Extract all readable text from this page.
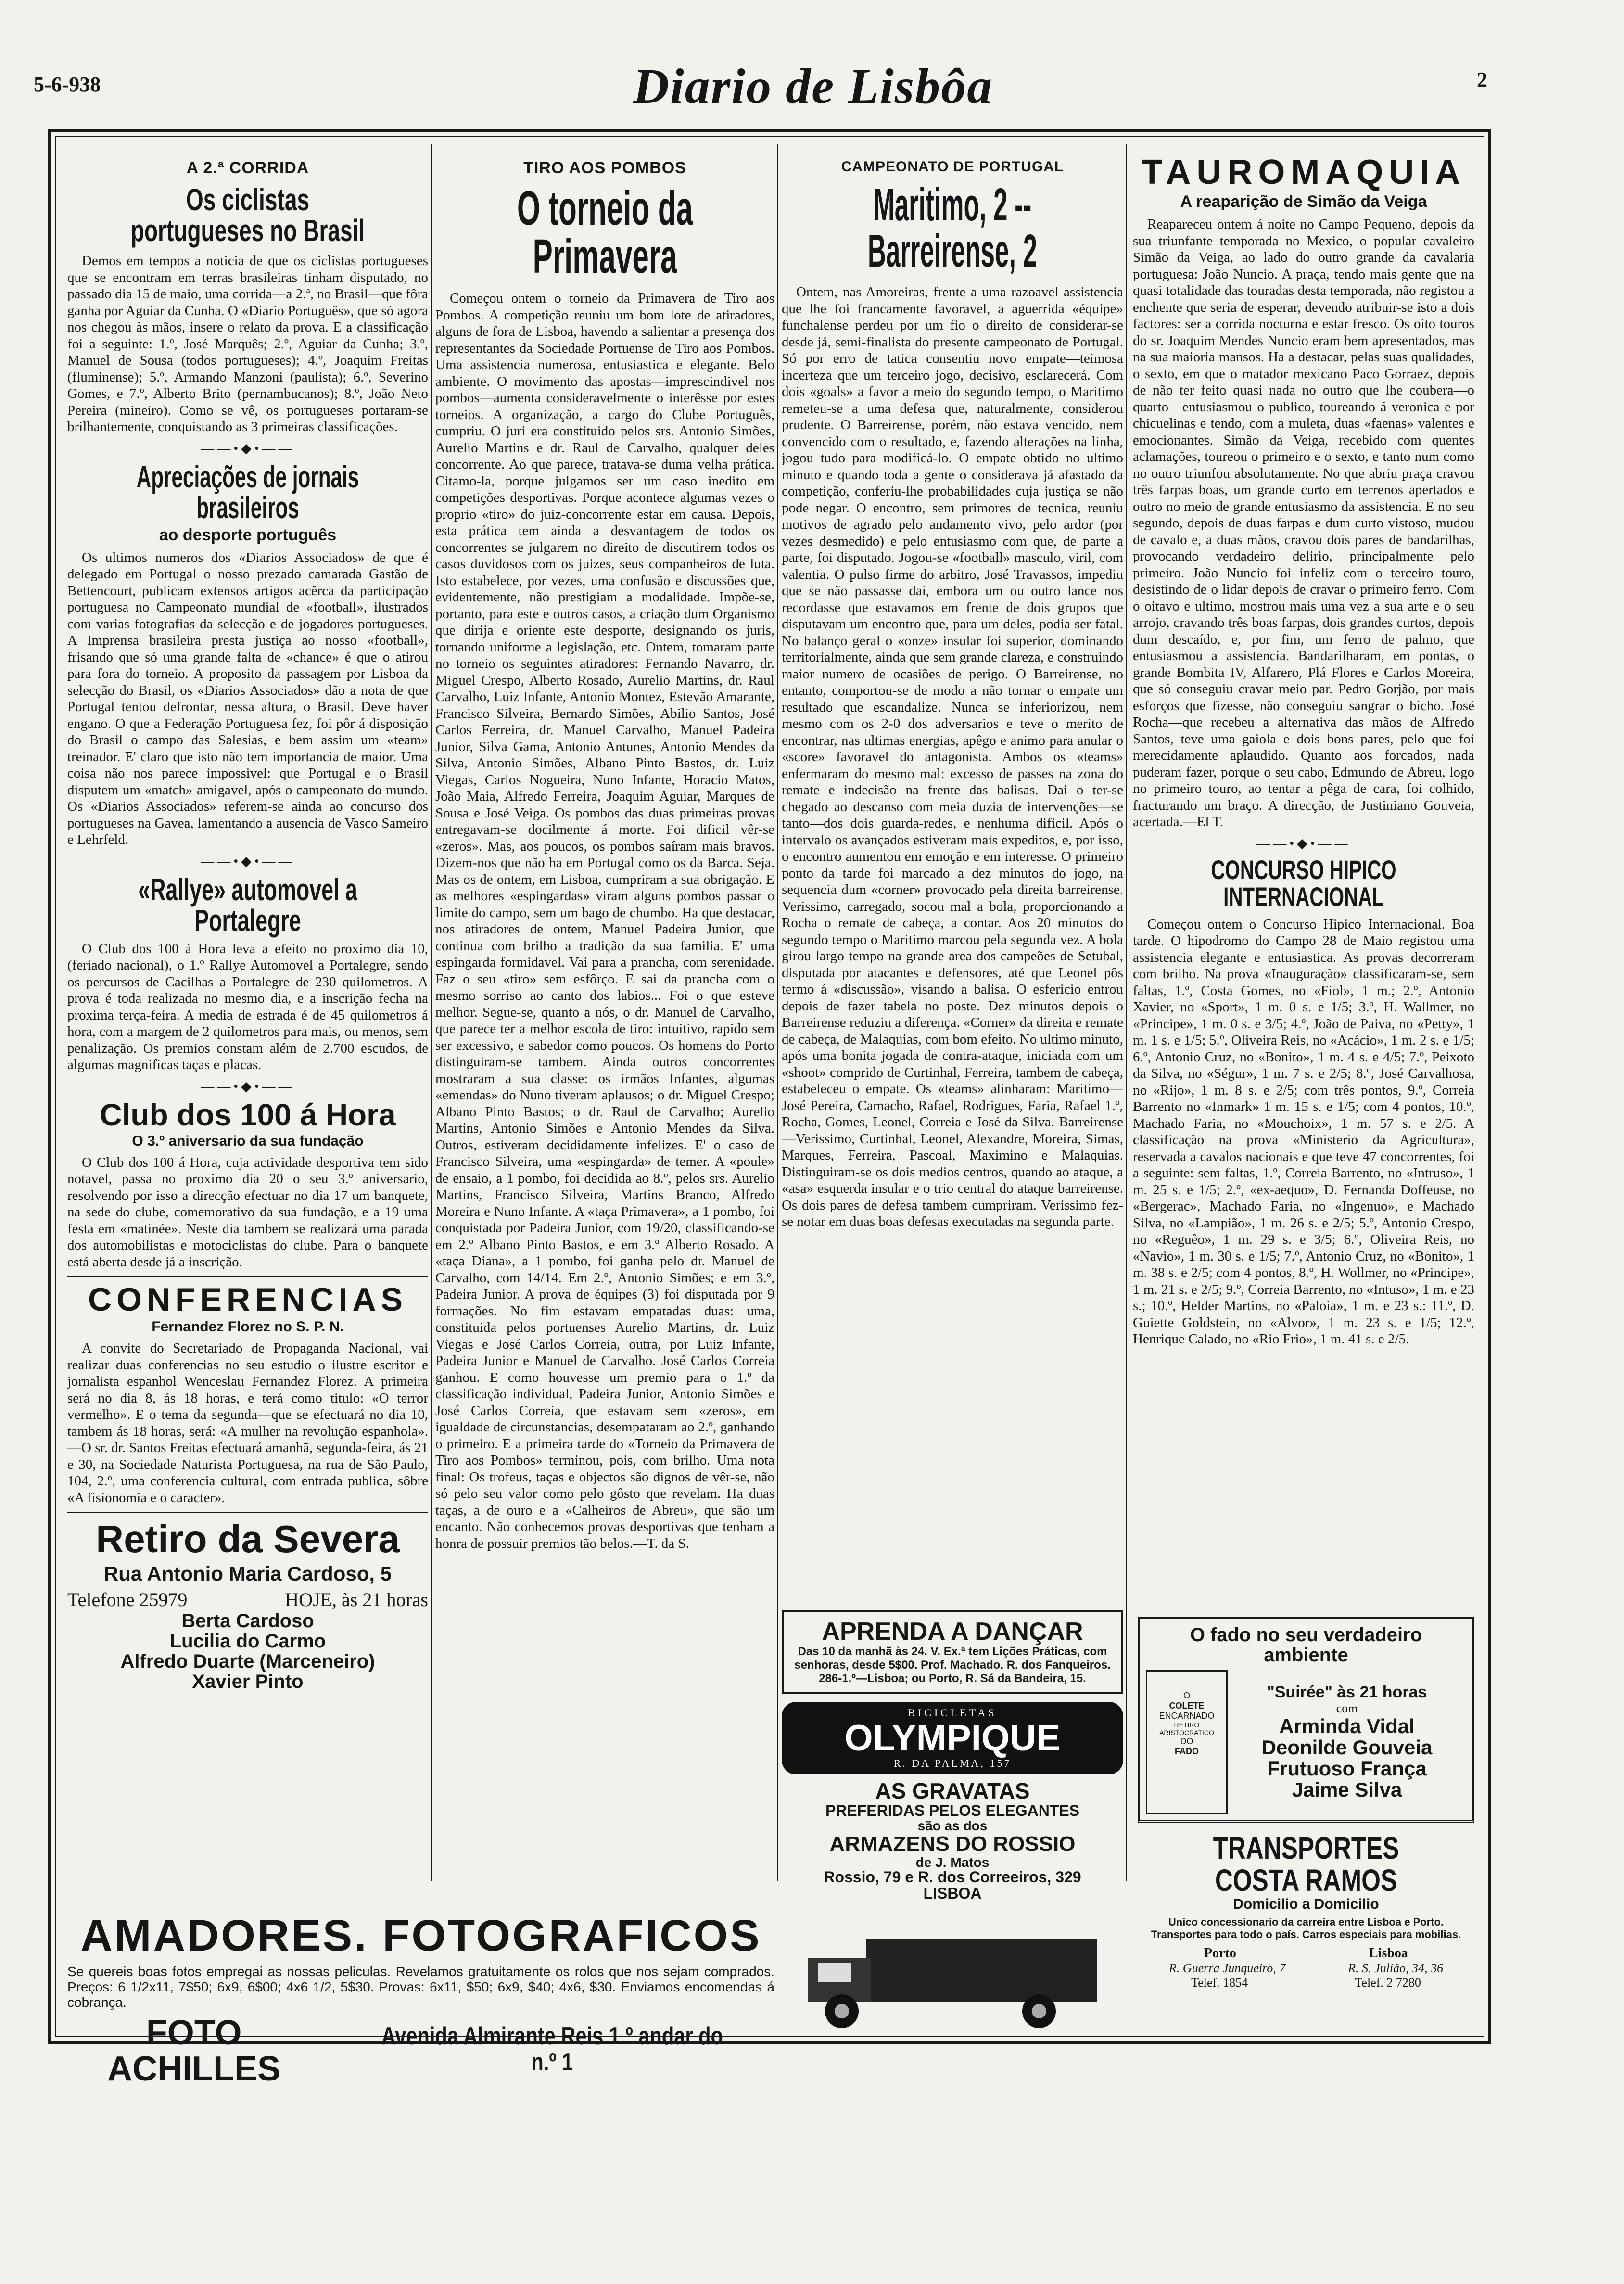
5-6-938	Diario de Lisbôa	2
A 2.ª CORRIDA
Os ciclistas portugueses no Brasil

Demos em tempos a noticia de que os ciclistas portugueses que se encontram em terras brasileiras tinham disputado, no passado dia 15 de maio, uma corrida—a 2.ª, no Brasil—que fôra ganha por Aguiar da Cunha. O «Diario Português», que só agora nos chegou às mãos, insere o relato da prova. E a classificação foi a seguinte: 1.º, José Marquês; 2.º, Aguiar da Cunha; 3.º, Manuel de Sousa (todos portugueses); 4.º, Joaquim Freitas (fluminense); 5.º, Armando Manzoni (paulista); 6.º, Severino Gomes, e 7.º, Alberto Brito (pernambucanos); 8.º, João Neto Pereira (mineiro). Como se vê, os portugueses portaram-se brilhantemente, conquistando as 3 primeiras classificações.

——•◆•——
Apreciações de jornais brasileiros
ao desporte português

Os ultimos numeros dos «Diarios Associados» de que é delegado em Portugal o nosso prezado camarada Gastão de Bettencourt, publicam extensos artigos acêrca da participação portuguesa no Campeonato mundial de «football», ilustrados com varias fotografias da selecção e de jogadores portugueses. A Imprensa brasileira presta justiça ao nosso «football», frisando que só uma grande falta de «chance» é que o atirou para fora do torneio. A proposito da passagem por Lisboa da selecção do Brasil, os «Diarios Associados» dão a nota de que Portugal tentou defrontar, nessa altura, o Brasil. Deve haver engano. O que a Federação Portuguesa fez, foi pôr á disposição do Brasil o campo das Salesias, e bem assim um «team» treinador. E' claro que isto não tem importancia de maior. Uma coisa não nos parece impossivel: que Portugal e o Brasil disputem um «match» amigavel, após o campeonato do mundo. Os «Diarios Associados» referem-se ainda ao concurso dos portugueses na Gavea, lamentando a ausencia de Vasco Sameiro e Lehrfeld.

——•◆•——
«Rallye» automovel a Portalegre

O Club dos 100 á Hora leva a efeito no proximo dia 10, (feriado nacional), o 1.º Rallye Automovel a Portalegre, sendo os percursos de Cacilhas a Portalegre de 230 quilometros. A prova é toda realizada no mesmo dia, e a inscrição fecha na proxima terça-feira. A media de estrada é de 45 quilometros á hora, com a margem de 2 quilometros para mais, ou menos, sem penalização. Os premios constam além de 2.700 escudos, de algumas magnificas taças e placas.

——•◆•——
Club dos 100 á Hora
O 3.º aniversario da sua fundação

O Club dos 100 á Hora, cuja actividade desportiva tem sido notavel, passa no proximo dia 20 o seu 3.º aniversario, resolvendo por isso a direcção efectuar no dia 17 um banquete, na sede do clube, comemorativo da sua fundação, e a 19 uma festa em «matinée». Neste dia tambem se realizará uma parada dos automobilistas e motociclistas do clube. Para o banquete está aberta desde já a inscrição.

CONFERENCIAS
Fernandez Florez no S. P. N.

A convite do Secretariado de Propaganda Nacional, vai realizar duas conferencias no seu estudio o ilustre escritor e jornalista espanhol Wenceslau Fernandez Florez. A primeira será no dia 8, ás 18 horas, e terá como titulo: «O terror vermelho». E o tema da segunda—que se efectuará no dia 10, tambem ás 18 horas, será: «A mulher na revolução espanhola». —O sr. dr. Santos Freitas efectuará amanhã, segunda-feira, ás 21 e 30, na Sociedade Naturista Portuguesa, na rua de São Paulo, 104, 2.º, uma conferencia cultural, com entrada publica, sôbre «A fisionomia e o caracter».

Retiro da Severa
Rua Antonio Maria Cardoso, 5
Telefone 25979	HOJE, às 21 horas
Berta Cardoso
Lucilia do Carmo
Alfredo Duarte (Marceneiro)
Xavier Pinto
TIRO AOS POMBOS
O torneio da Primavera

Começou ontem o torneio da Primavera de Tiro aos Pombos. A competição reuniu um bom lote de atiradores, alguns de fora de Lisboa, havendo a salientar a presença dos representantes da Sociedade Portuense de Tiro aos Pombos. Uma assistencia numerosa, entusiastica e elegante. Belo ambiente. O movimento das apostas—imprescindivel nos pombos—aumenta consideravelmente o interêsse por estes torneios. A organização, a cargo do Clube Português, cumpriu. O juri era constituido pelos srs. Antonio Simões, Aurelio Martins e dr. Raul de Carvalho, qualquer deles concorrente. Ao que parece, tratava-se duma velha prática. Citamo-la, porque julgamos ser um caso inedito em competições desportivas. Porque acontece algumas vezes o proprio «tiro» do juiz-concorrente estar em causa. Depois, esta prática tem ainda a desvantagem de todos os concorrentes se julgarem no direito de discutirem todos os casos duvidosos com os juizes, seus companheiros de luta. Isto estabelece, por vezes, uma confusão e discussões que, evidentemente, não prestigiam a modalidade. Impõe-se, portanto, para este e outros casos, a criação dum Organismo que dirija e oriente este desporte, designando os juris, tornando uniforme a legislação, etc. Ontem, tomaram parte no torneio os seguintes atiradores: Fernando Navarro, dr. Miguel Crespo, Alberto Rosado, Aurelio Martins, dr. Raul Carvalho, Luiz Infante, Antonio Montez, Estevão Amarante, Francisco Silveira, Bernardo Simões, Abilio Santos, José Carlos Ferreira, dr. Manuel Carvalho, Manuel Padeira Junior, Silva Gama, Antonio Antunes, Antonio Mendes da Silva, Antonio Simões, Albano Pinto Bastos, dr. Luiz Viegas, Carlos Nogueira, Nuno Infante, Horacio Matos, João Maia, Alfredo Ferreira, Joaquim Aguiar, Marques de Sousa e José Veiga. Os pombos das duas primeiras provas entregavam-se docilmente á morte. Foi dificil vêr-se «zeros». Mas, aos poucos, os pombos saíram mais bravos. Dizem-nos que não ha em Portugal como os da Barca. Seja. Mas os de ontem, em Lisboa, cumpriram a sua obrigação. E as melhores «espingardas» viram alguns pombos passar o limite do campo, sem um bago de chumbo. Ha que destacar, nos atiradores de ontem, Manuel Padeira Junior, que continua com brilho a tradição da sua familia. E' uma espingarda formidavel. Vai para a prancha, com serenidade. Faz o seu «tiro» sem esfôrço. E sai da prancha com o mesmo sorriso ao canto dos labios... Foi o que esteve melhor. Segue-se, quanto a nós, o dr. Manuel de Carvalho, que parece ter a melhor escola de tiro: intuitivo, rapido sem ser excessivo, e sabedor como poucos. Os homens do Porto distinguiram-se tambem. Ainda outros concorrentes mostraram a sua classe: os irmãos Infantes, algumas «emendas» do Nuno tiveram aplausos; o dr. Miguel Crespo; Albano Pinto Bastos; o dr. Raul de Carvalho; Aurelio Martins, Antonio Simões e Antonio Mendes da Silva. Outros, estiveram decididamente infelizes. E' o caso de Francisco Silveira, uma «espingarda» de temer. A «poule» de ensaio, a 1 pombo, foi decidida ao 8.º, pelos srs. Aurelio Martins, Francisco Silveira, Martins Branco, Alfredo Moreira e Nuno Infante. A «taça Primavera», a 1 pombo, foi conquistada por Padeira Junior, com 19/20, classificando-se em 2.º Albano Pinto Bastos, e em 3.º Alberto Rosado. A «taça Diana», a 1 pombo, foi ganha pelo dr. Manuel de Carvalho, com 14/14. Em 2.º, Antonio Simões; e em 3.º, Padeira Junior. A prova de équipes (3) foi disputada por 9 formações. No fim estavam empatadas duas: uma, constituida pelos portuenses Aurelio Martins, dr. Luiz Viegas e José Carlos Correia, outra, por Luiz Infante, Padeira Junior e Manuel de Carvalho. José Carlos Correia ganhou. E como houvesse um premio para o 1.º da classificação individual, Padeira Junior, Antonio Simões e José Carlos Correia, que estavam sem «zeros», em igualdade de circunstancias, desempataram ao 2.º, ganhando o primeiro. E a primeira tarde do «Torneio da Primavera de Tiro aos Pombos» terminou, pois, com brilho. Uma nota final: Os trofeus, taças e objectos são dignos de vêr-se, não só pelo seu valor como pelo gôsto que revelam. Ha duas taças, a de ouro e a «Calheiros de Abreu», que são um encanto. Não conhecemos provas desportivas que tenham a honra de possuir premios tão belos.—T. da S.

CAMPEONATO DE PORTUGAL
Maritimo, 2 -- Barreirense, 2

Ontem, nas Amoreiras, frente a uma razoavel assistencia que lhe foi francamente favoravel, a aguerrida «équipe» funchalense perdeu por um fio o direito de considerar-se desde já, semi-finalista do presente campeonato de Portugal. Só por erro de tatica consentiu novo empate—teimosa incerteza que um terceiro jogo, decisivo, esclarecerá. Com dois «goals» a favor a meio do segundo tempo, o Maritimo remeteu-se a uma defesa que, naturalmente, considerou prudente. O Barreirense, porém, não estava vencido, nem convencido com o resultado, e, fazendo alterações na linha, jogou tudo para modificá-lo. O empate obtido no ultimo minuto e quando toda a gente o considerava já afastado da competição, conferiu-lhe probabilidades cuja justiça se não pode negar. O encontro, sem primores de tecnica, reuniu motivos de agrado pelo andamento vivo, pelo ardor (por vezes desmedido) e pelo entusiasmo com que, de parte a parte, foi disputado. Jogou-se «football» masculo, viril, com valentia. O pulso firme do arbitro, José Travassos, impediu que se não passasse dai, embora um ou outro lance nos recordasse que estavamos em frente de dois grupos que disputavam um encontro que, para um deles, podia ser fatal. No balanço geral o «onze» insular foi superior, dominando territorialmente, ainda que sem grande clareza, e construindo maior numero de ocasiões de perigo. O Barreirense, no entanto, comportou-se de modo a não tornar o empate um resultado que escandalize. Nunca se inferiorizou, nem mesmo com os 2-0 dos adversarios e teve o merito de encontrar, nas ultimas energias, apêgo e animo para anular o «score» favoravel do antagonista. Ambos os «teams» enfermaram do mesmo mal: excesso de passes na zona do remate e indecisão na frente das balisas. Dai o ter-se chegado ao descanso com meia duzia de intervenções—se tanto—dos dois guarda-redes, e nenhuma dificil. Após o intervalo os avançados estiveram mais expeditos, e, por isso, o encontro aumentou em emoção e em interesse. O primeiro ponto da tarde foi marcado a dez minutos do jogo, na sequencia dum «corner» provocado pela direita barreirense. Verissimo, carregado, socou mal a bola, proporcionando a Rocha o remate de cabeça, a contar. Aos 20 minutos do segundo tempo o Maritimo marcou pela segunda vez. A bola girou largo tempo na grande area dos campeões de Setubal, disputada por atacantes e defensores, até que Leonel pôs termo á «discussão», visando a balisa. O esfericio entrou depois de fazer tabela no poste. Dez minutos depois o Barreirense reduziu a diferença. «Corner» da direita e remate de cabeça, de Malaquias, com bom efeito. No ultimo minuto, após uma bonita jogada de contra-ataque, iniciada com um «shoot» comprido de Curtinhal, Ferreira, tambem de cabeça, estabeleceu o empate. Os «teams» alinharam: Maritimo—José Pereira, Camacho, Rafael, Rodrigues, Faria, Rafael 1.º, Rocha, Gomes, Leonel, Correia e José da Silva. Barreirense—Verissimo, Curtinhal, Leonel, Alexandre, Moreira, Simas, Marques, Ferreira, Pascoal, Maximino e Malaquias. Distinguiram-se os dois medios centros, quando ao ataque, a «asa» esquerda insular e o trio central do ataque barreirense. Os dois pares de defesa tambem cumpriram. Verissimo fez-se notar em duas boas defesas executadas na segunda parte.

APRENDA A DANÇAR
Das 10 da manhã às 24. V. Ex.ª tem Lições Práticas, com senhoras, desde 5$00. Prof. Machado. R. dos Fanqueiros. 286-1.º—Lisboa; ou Porto, R. Sá da Bandeira, 15.
BICICLETAS
OLYMPIQUE
R. DA PALMA, 157
AS GRAVATAS
PREFERIDAS PELOS ELEGANTES
são as dos
ARMAZENS DO ROSSIO
de J. Matos
Rossio, 79 e R. dos Correeiros, 329
LISBOA
TAUROMAQUIA
A reaparição de Simão da Veiga

Reapareceu ontem á noite no Campo Pequeno, depois da sua triunfante temporada no Mexico, o popular cavaleiro Simão da Veiga, ao lado do outro grande da cavalaria portuguesa: João Nuncio. A praça, tendo mais gente que na quasi totalidade das touradas desta temporada, não registou a enchente que seria de esperar, devendo atribuir-se isto a dois factores: ser a corrida nocturna e estar fresco. Os oito touros do sr. Joaquim Mendes Nuncio eram bem apresentados, mas na sua maioria mansos. Ha a destacar, pelas suas qualidades, o sexto, em que o matador mexicano Paco Gorraez, depois de não ter feito quasi nada no outro que lhe coubera—o quarto—entusiasmou o publico, toureando á veronica e por chicuelinas e tendo, com a muleta, duas «faenas» valentes e emocionantes. Simão da Veiga, recebido com quentes aclamações, toureou o primeiro e o sexto, e tanto num como no outro triunfou absolutamente. No que abriu praça cravou três farpas boas, um grande curto em terrenos apertados e outro no meio de grande entusiasmo da assistencia. E no seu segundo, depois de duas farpas e dum curto vistoso, mudou de cavalo e, a duas mãos, cravou dois pares de bandarilhas, provocando verdadeiro delirio, principalmente pelo primeiro. João Nuncio foi infeliz com o terceiro touro, desistindo de o lidar depois de cravar o primeiro ferro. Com o oitavo e ultimo, mostrou mais uma vez a sua arte e o seu arrojo, cravando três boas farpas, dois grandes curtos, depois dum descaído, e, por fim, um ferro de palmo, que entusiasmou a assistencia. Bandarilharam, em pontas, o grande Bombita IV, Alfarero, Plá Flores e Carlos Moreira, que só conseguiu cravar meio par. Pedro Gorjão, por mais esforços que fizesse, não conseguiu sangrar o bicho. José Rocha—que recebeu a alternativa das mãos de Alfredo Santos, teve uma gaiola e dois bons pares, pelo que foi merecidamente aplaudido. Quanto aos forcados, nada puderam fazer, porque o seu cabo, Edmundo de Abreu, logo no primeiro touro, ao tentar a pêga de cara, foi colhido, fracturando um braço. A direcção, de Justiniano Gouveia, acertada.—El T.

——•◆•——
CONCURSO HIPICO INTERNACIONAL

Começou ontem o Concurso Hipico Internacional. Boa tarde. O hipodromo do Campo 28 de Maio registou uma assistencia elegante e entusiastica. As provas decorreram com brilho. Na prova «Inauguração» classificaram-se, sem faltas, 1.º, Costa Gomes, no «Fiol», 1 m.; 2.º, Antonio Xavier, no «Sport», 1 m. 0 s. e 1/5; 3.º, H. Wallmer, no «Principe», 1 m. 0 s. e 3/5; 4.º, João de Paiva, no «Petty», 1 m. 1 s. e 1/5; 5.º, Oliveira Reis, no «Acácio», 1 m. 2 s. e 1/5; 6.º, Antonio Cruz, no «Bonito», 1 m. 4 s. e 4/5; 7.º, Peixoto da Silva, no «Ségur», 1 m. 7 s. e 2/5; 8.º, José Carvalhosa, no «Rijo», 1 m. 8 s. e 2/5; com três pontos, 9.º, Correia Barrento no «Inmark» 1 m. 15 s. e 1/5; com 4 pontos, 10.º, Machado Faria, no «Mouchoix», 1 m. 57 s. e 2/5. A classificação na prova «Ministerio da Agricultura», reservada a cavalos nacionais e que teve 47 concorrentes, foi a seguinte: sem faltas, 1.º, Correia Barrento, no «Intruso», 1 m. 25 s. e 1/5; 2.º, «ex-aequo», D. Fernanda Doffeuse, no «Bergerac», Machado Faria, no «Ingenuo», e Machado Silva, no «Lampião», 1 m. 26 s. e 2/5; 5.º, Antonio Crespo, no «Reguêo», 1 m. 29 s. e 3/5; 6.º, Oliveira Reis, no «Navio», 1 m. 30 s. e 1/5; 7.º, Antonio Cruz, no «Bonito», 1 m. 38 s. e 2/5; com 4 pontos, 8.º, H. Wollmer, no «Principe», 1 m. 21 s. e 2/5; 9.º, Correia Barrento, no «Intuso», 1 m. e 23 s.; 10.º, Helder Martins, no «Paloia», 1 m. e 23 s.: 11.º, D. Guiette Goldstein, no «Alvor», 1 m. 23 s. e 1/5; 12.º, Henrique Calado, no «Rio Frio», 1 m. 41 s. e 2/5.

O fado no seu verdadeiro ambiente
O
COLETE
ENCARNADO
RETIRO ARISTOCRATICO
DO
FADO
"Suirée" às 21 horas
com
Arminda Vidal
Deonilde Gouveia
Frutuoso França
Jaime Silva
TRANSPORTES COSTA RAMOS
Domicilio a Domicilio
Unico concessionario da carreira entre Lisboa e Porto. Transportes para todo o país. Carros especiais para mobilias.
Porto	Lisboa
R. Guerra Junqueiro, 7	R. S. Julião, 34, 36
Telef. 1854	Telef. 2 7280
AMADORES. FOTOGRAFICOS

Se quereis boas fotos empregai as nossas peliculas. Revelamos gratuitamente os rolos que nos sejam comprados. Preços: 6 1/2x11, 7$50; 6x9, 6$00; 4x6 1/2, 5$30. Provas: 6x11, $50; 6x9, $40; 4x6, $30. Enviamos encomendas á cobrança.

FOTO ACHILLES
Avenida Almirante Reis 1.º andar do n.º 1
